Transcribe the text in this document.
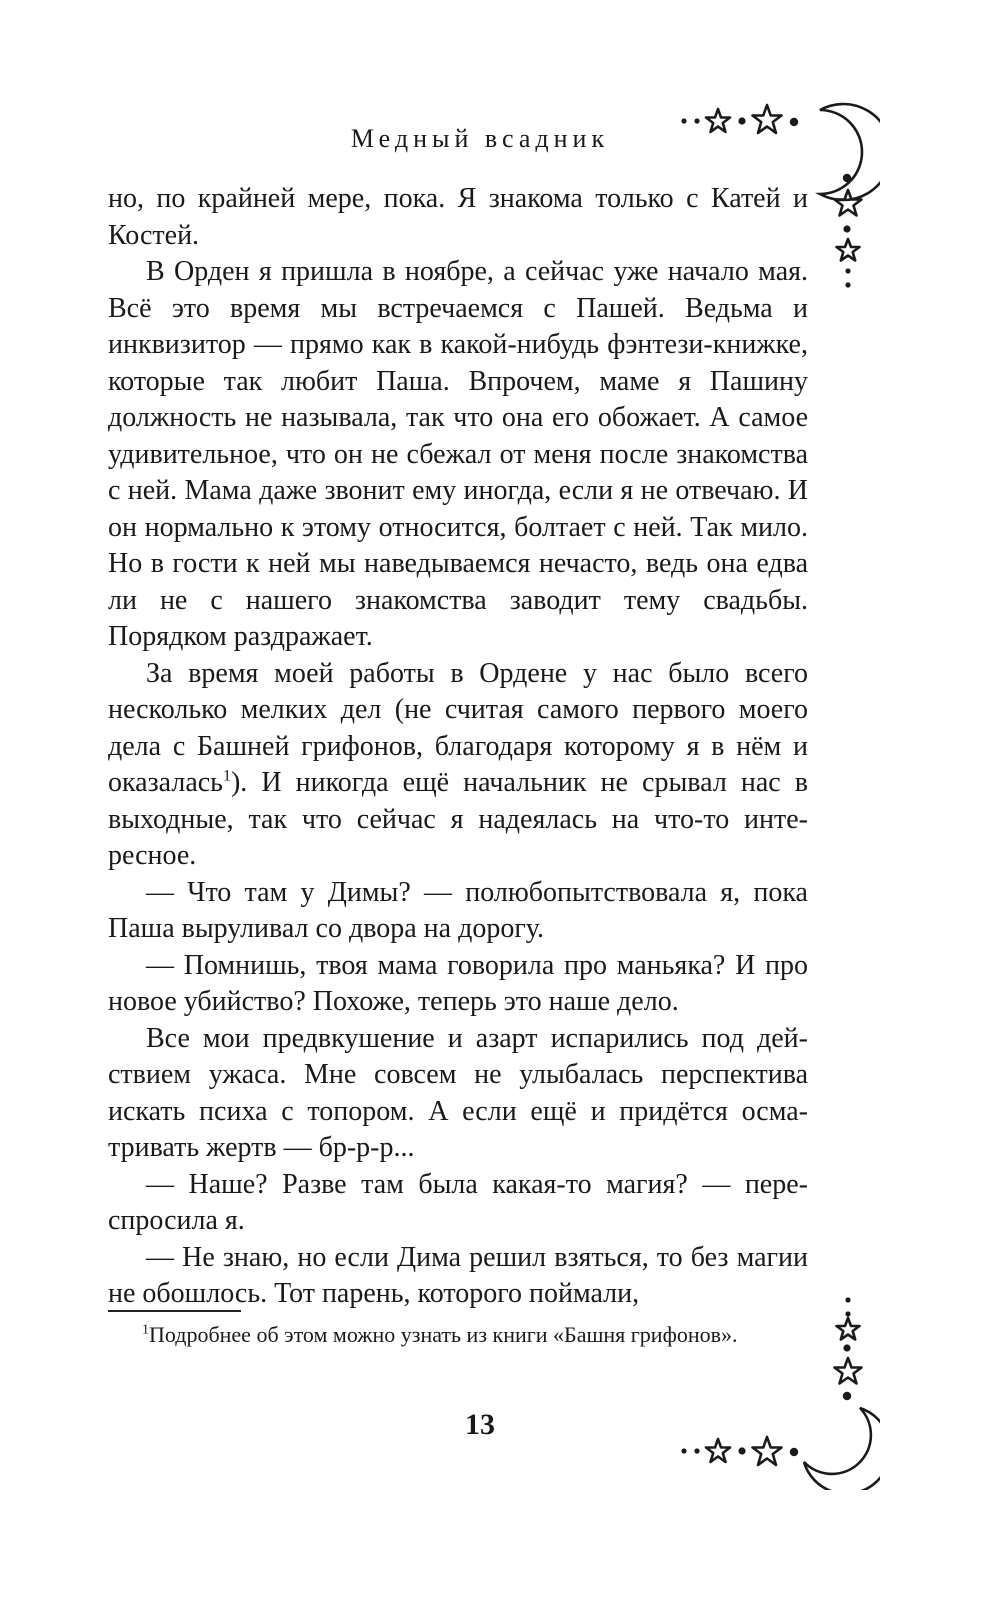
Медный всадник

но, по крайней мере, пока. Я знакома только с Катей и Костей.

В Орден я пришла в ноябре, а сейчас уже начало мая. Всё это время мы встречаемся с Пашей. Ведьма и инквизитор — прямо как в какой-нибудь фэнтези-книжке, которые так любит Паша. Впрочем, маме я Пашину должность не называла, так что она его обожает. А самое удивительное, что он не сбежал от меня после знакомства с ней. Мама даже звонит ему иногда, если я не отвечаю. И он нормально к этому относится, болтает с ней. Так мило. Но в гости к ней мы наведываемся нечасто, ведь она едва ли не с нашего знакомства заводит тему свадьбы. Порядком раздражает.

За время моей работы в Ордене у нас было всего несколько мелких дел (не считая самого первого моего дела с Башней грифонов, благодаря которому я в нём и оказалась$^1$). И никогда ещё начальник не срывал нас в выходные, так что сейчас я надеялась на что-то интересное.

— Что там у Димы? — полюбопытствовала я, пока Паша выруливал со двора на дорогу.

— Помнишь, твоя мама говорила про маньяка? И про новое убийство? Похоже, теперь это наше дело.

Все мои предвкушение и азарт испарились под действием ужаса. Мне совсем не улыбалась перспектива искать психа с топором. А если ещё и придётся осматривать жертв — бр-р-р...

— Наше? Разве там была какая-то магия? — переспросила я.

— Не знаю, но если Дима решил взяться, то без магии не обошлось. Тот парень, которого поймали,

$^1$Подробнее об этом можно узнать из книги «Башня грифонов».

13
